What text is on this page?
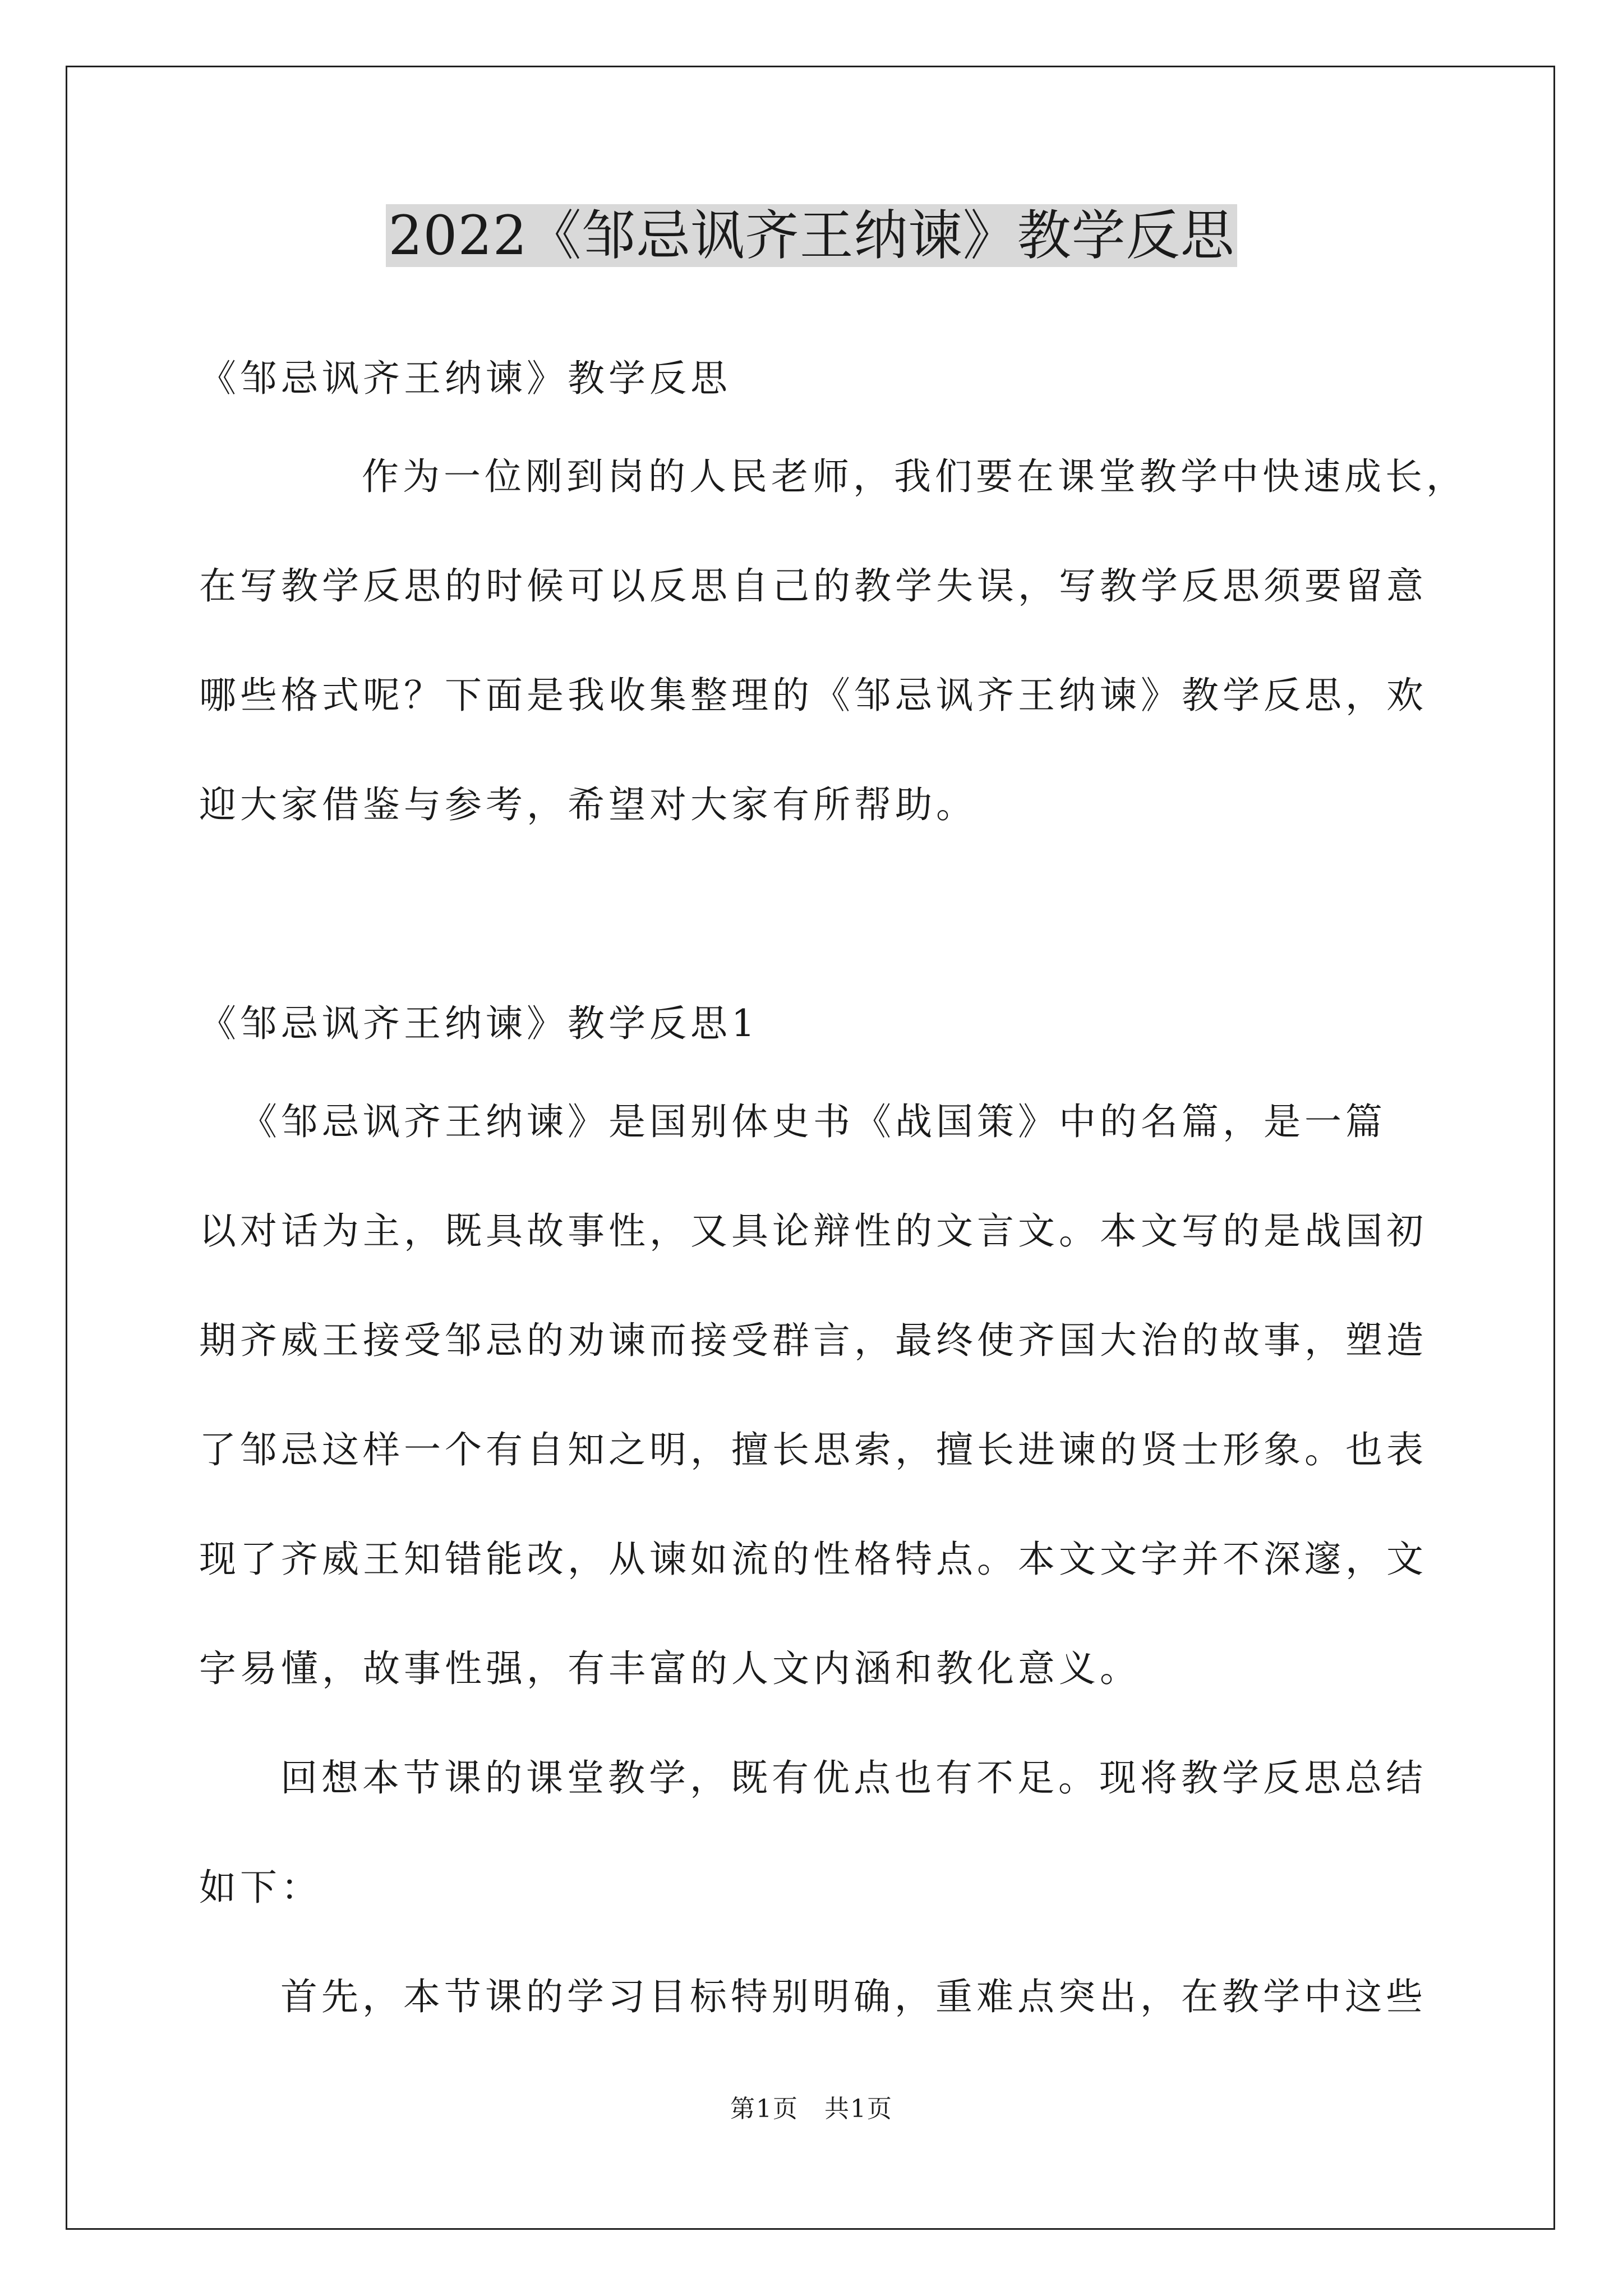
2022《邹忌讽齐王纳谏》教学反思
《邹忌讽齐王纳谏》教学反思
作为一位刚到岗的人民老师，我们要在课堂教学中快速成长，
在写教学反思的时候可以反思自己的教学失误，写教学反思须要留意
哪些格式呢？下面是我收集整理的《邹忌讽齐王纳谏》教学反思，欢
迎大家借鉴与参考，希望对大家有所帮助。
《邹忌讽齐王纳谏》教学反思1
《邹忌讽齐王纳谏》是国别体史书《战国策》中的名篇，是一篇
以对话为主，既具故事性，又具论辩性的文言文。本文写的是战国初
期齐威王接受邹忌的劝谏而接受群言，最终使齐国大治的故事，塑造
了邹忌这样一个有自知之明，擅长思索，擅长进谏的贤士形象。也表
现了齐威王知错能改，从谏如流的性格特点。本文文字并不深邃，文
字易懂，故事性强，有丰富的人文内涵和教化意义。
回想本节课的课堂教学，既有优点也有不足。现将教学反思总结
如下：
首先，本节课的学习目标特别明确，重难点突出，在教学中这些
第1页　共1页
